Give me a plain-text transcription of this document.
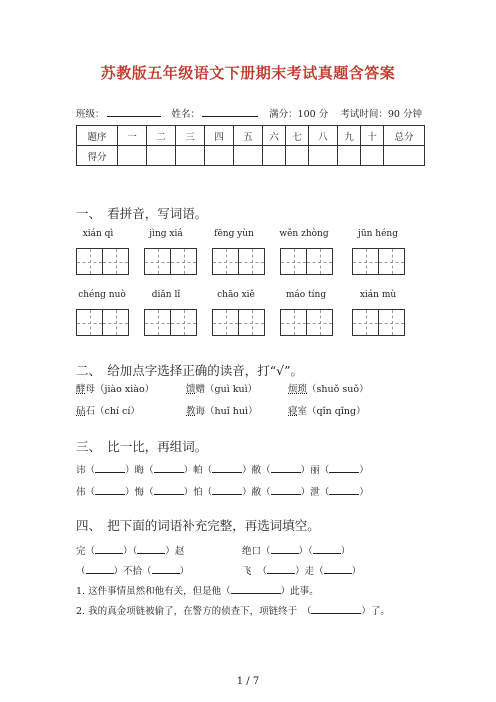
苏教版五年级语文下册期末考试真题含答案
班级：	姓名：	满分：100 分 考试时间：90 分钟
题序	一	二	三	四	五	六	七	八	九	十	总分
得分											
一、　看拼音，写词语。
xián qì	jìng xiá	fēng yùn	wěn zhòng	jūn héng
chéng nuò	diǎn lǐ	chāo xiě	máo tíng	xián mù
二、　给加点字选择正确的读音，打“√”。
酵母（jiào xiào）	馈赠（guì kuì）	烦琐（shuǒ suǒ）
砧石（chí cí）	教诲（huǐ huì）	寝室（qǐn qǐng）
三、　比一比，再组词。
讳（	）晦（	）帕（	）敝（	）丽（	）
伟（	）悔（	）怕（	）敝（	）泄（	）
四、　把下面的词语补充完整，再选词填空。
完（	）（	）赵	绝口（	）（	）
（	）不拾（	）	飞  （	）走（	）
1. 这件事情虽然和他有关，但是他（	）此事。
2. 我的真金项链被偷了，在警方的侦查下，项链终于　（	）了。
1 / 7
